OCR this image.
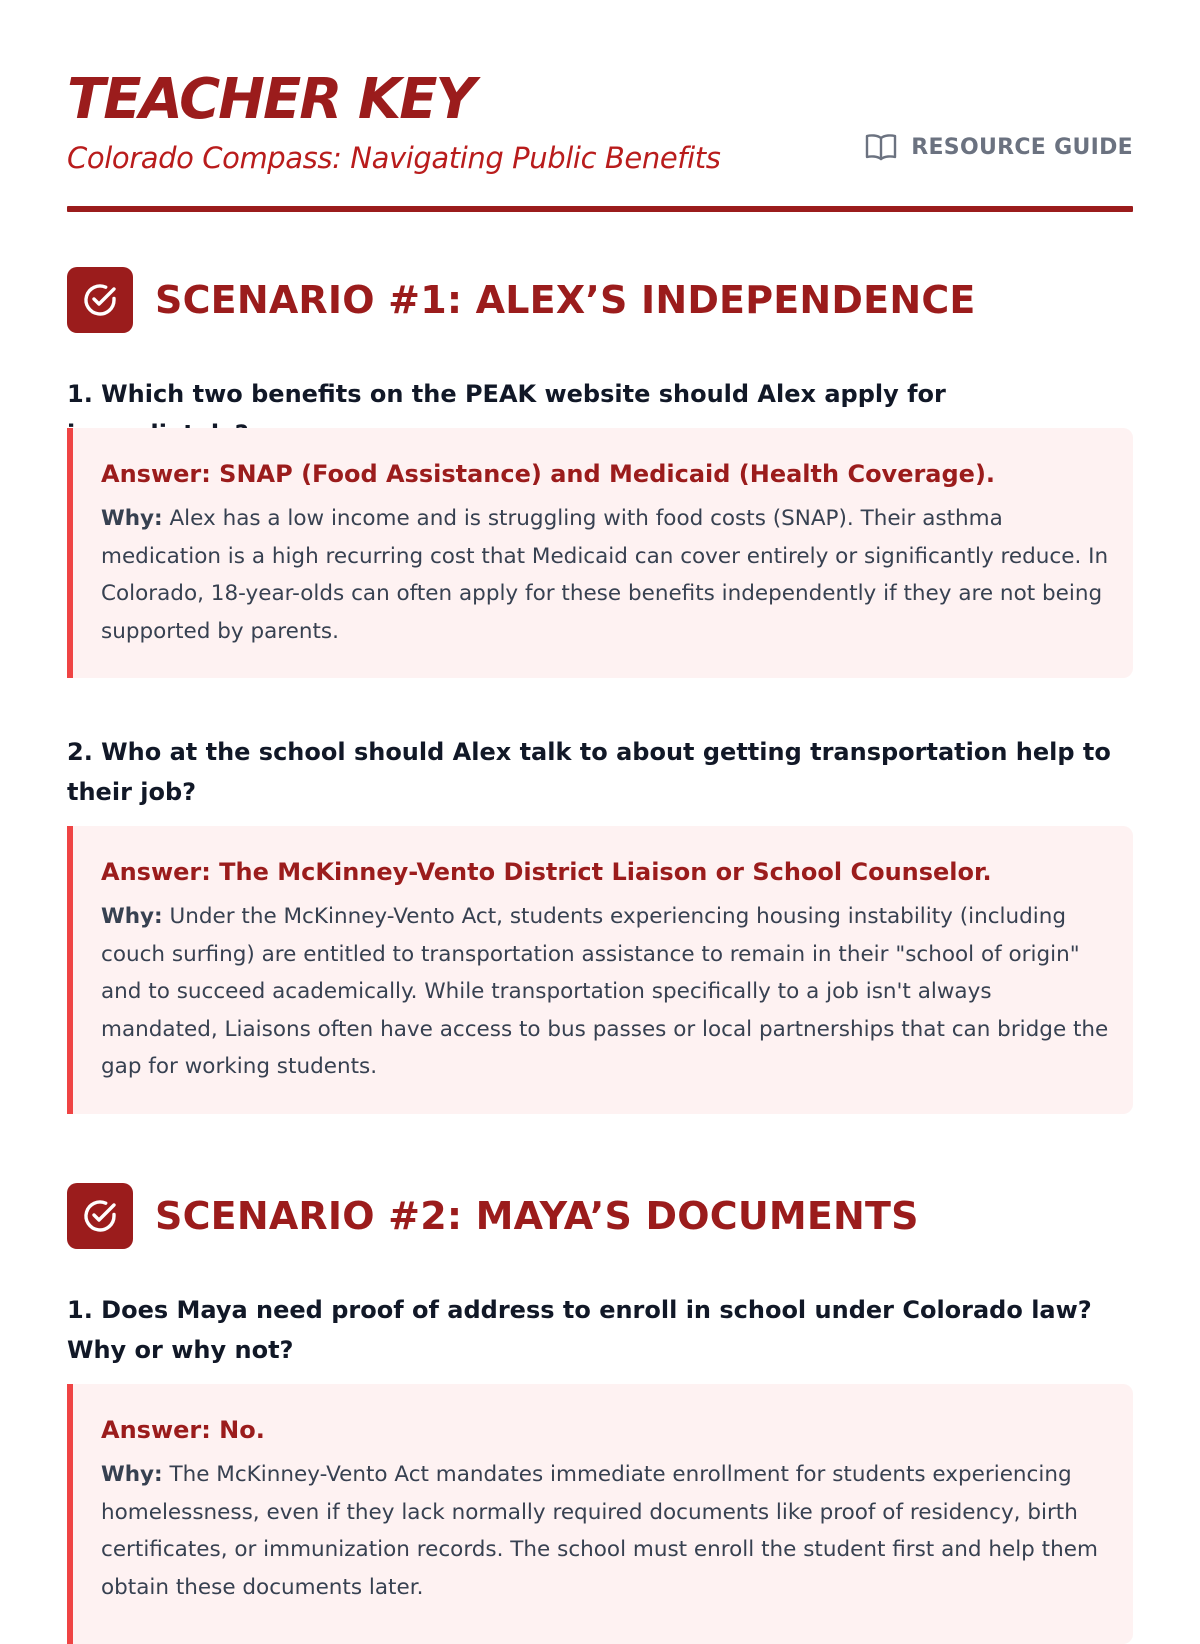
TEACHER KEY

Colorado Compass: Navigating Public Benefits	RESOURCE GUIDE
SCENARIO #1: ALEX’S INDEPENDENCE

1. Which two benefits on the PEAK website should Alex apply for

Answer: SNAP (Food Assistance) and Medicaid (Health Coverage).

Why: Alex has a low income and is struggling with food costs (SNAP). Their asthma medication is a high recurring cost that Medicaid can cover entirely or significantly reduce. In Colorado, 18-year-olds can often apply for these benefits independently if they are not being supported by parents.

2. Who at the school should Alex talk to about getting transportation help to their job?

Answer: The McKinney-Vento District Liaison or School Counselor.

Why: Under the McKinney-Vento Act, students experiencing housing instability (including couch surfing) are entitled to transportation assistance to remain in their "school of origin" and to succeed academically. While transportation specifically to a job isn't always mandated, Liaisons often have access to bus passes or local partnerships that can bridge the gap for working students.

SCENARIO #2: MAYA’S DOCUMENTS

1. Does Maya need proof of address to enroll in school under Colorado law? Why or why not?

Answer: No.

Why: The McKinney-Vento Act mandates immediate enrollment for students experiencing homelessness, even if they lack normally required documents like proof of residency, birth certificates, or immunization records. The school must enroll the student first and help them obtain these documents later.
